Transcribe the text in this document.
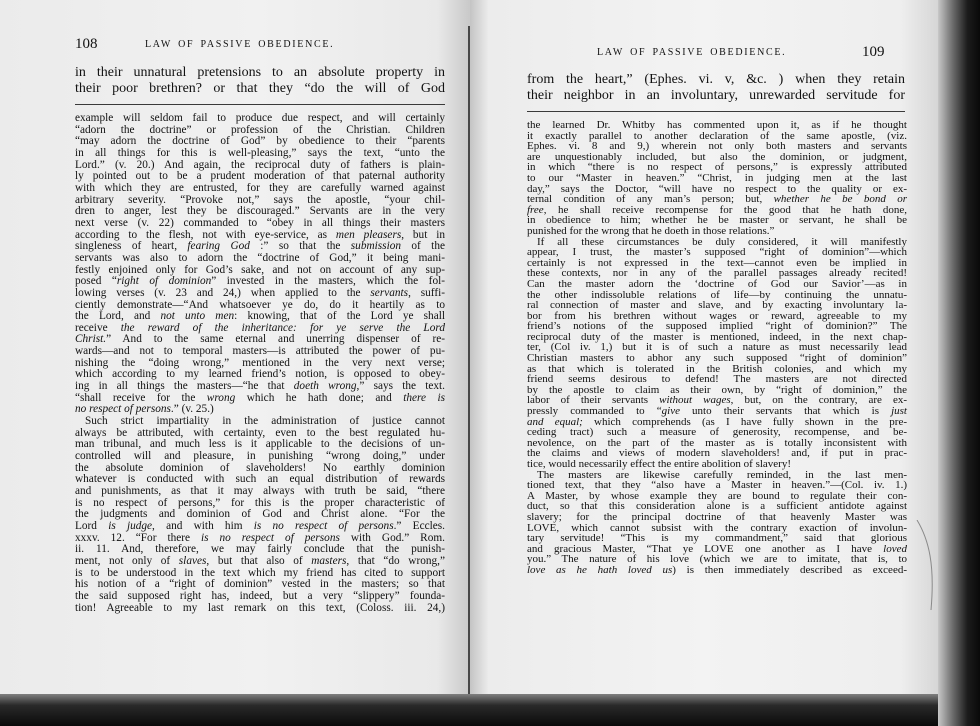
108	LAW OF PASSIVE OBEDIENCE.
in their unnatural pretensions to an absolute property in
their poor brethren? or that they “do the will of God
example will seldom fail to produce due respect, and will certainly
“adorn the doctrine” or profession of the Christian. Children
“may adorn the doctrine of God” by obedience to their “parents
in all things for this is well-pleasing,” says the text, “unto the
Lord.” (v. 20.) And again, the reciprocal duty of fathers is plain-
ly pointed out to be a prudent moderation of that paternal authority
with which they are entrusted, for they are carefully warned against
arbitrary severity. “Provoke not,” says the apostle, “your chil-
dren to anger, lest they be discouraged.” Servants are in the very
next verse (v. 22) commanded to “obey in all things their masters
according to the flesh, not with eye-service, as men pleasers, but in
singleness of heart, fearing God :” so that the submission of the
servants was also to adorn the “doctrine of God,” it being mani-
festly enjoined only for God’s sake, and not on account of any sup-
posed “right of dominion” invested in the masters, which the fol-
lowing verses (v. 23 and 24,) when applied to the servants, suffi-
ciently demonstrate—“And whatsoever ye do, do it heartily as to
the Lord, and not unto men: knowing, that of the Lord ye shall
receive the reward of the inheritance: for ye serve the Lord
Christ.” And to the same eternal and unerring dispenser of re-
wards—and not to temporal masters—is attributed the power of pu-
nishing the “doing wrong,” mentioned in the very next verse;
which according to my learned friend’s notion, is opposed to obey-
ing in all things the masters—“he that doeth wrong,” says the text.
“shall receive for the wrong which he hath done; and there is
no respect of persons.” (v. 25.)
Such strict impartiality in the administration of justice cannot
always be attributed, with certainty, even to the best regulated hu-
man tribunal, and much less is it applicable to the decisions of un-
controlled will and pleasure, in punishing “wrong doing,” under
the absolute dominion of slaveholders! No earthly dominion
whatever is conducted with such an equal distribution of rewards
and punishments, as that it may always with truth be said, “there
is no respect of persons,” for this is the proper characteristic of
the judgments and dominion of God and Christ alone. “For the
Lord is judge, and with him is no respect of persons.” Eccles.
xxxv. 12. “For there is no respect of persons with God.” Rom.
ii. 11. And, therefore, we may fairly conclude that the punish-
ment, not only of slaves, but that also of masters, that “do wrong,”
is to be understood in the text which my friend has cited to support
his notion of a “right of dominion” vested in the masters; so that
the said supposed right has, indeed, but a very “slippery” founda-
tion! Agreeable to my last remark on this text, (Coloss. iii. 24,)
LAW OF PASSIVE OBEDIENCE.	109
from the heart,” (Ephes. vi. v, &c. ) when they retain
their neighbor in an involuntary, unrewarded servitude for
the learned Dr. Whitby has commented upon it, as if he thought
it exactly parallel to another declaration of the same apostle, (viz.
Ephes. vi. 8 and 9,) wherein not only both masters and servants
are unquestionably included, but also the dominion, or judgment,
in which “there is no respect of persons,” is expressly attributed
to our “Master in heaven.” “Christ, in judging men at the last
day,” says the Doctor, “will have no respect to the quality or ex-
ternal condition of any man’s person; but, whether he be bond or
free, he shall receive recompense for the good that he hath done,
in obedience to him; whether he be master or servant, he shall be
punished for the wrong that he doeth in those relations.”
If all these circumstances be duly considered, it will manifestly
appear, I trust, the master’s supposed “right of dominion”—which
certainly is not expressed in the text—cannot even be implied in
these contexts, nor in any of the parallel passages already recited!
Can the master adorn the ‘doctrine of God our Savior’—as in
the other indissoluble relations of life—by continuing the unnatu-
ral connection of master and slave, and by exacting involuntary la-
bor from his brethren without wages or reward, agreeable to my
friend’s notions of the supposed implied “right of dominion?” The
reciprocal duty of the master is mentioned, indeed, in the next chap-
ter, (Col iv. 1,) but it is of such a nature as must necessarily lead
Christian masters to abhor any such supposed “right of dominion”
as that which is tolerated in the British colonies, and which my
friend seems desirous to defend! The masters are not directed
by the apostle to claim as their own, by “right of dominion,” the
labor of their servants without wages, but, on the contrary, are ex-
pressly commanded to “give unto their servants that which is just
and equal; which comprehends (as I have fully shown in the pre-
ceding tract) such a measure of generosity, recompense, and be-
nevolence, on the part of the master as is totally inconsistent with
the claims and views of modern slaveholders! and, if put in prac-
tice, would necessarily effect the entire abolition of slavery!
The masters are likewise carefully reminded, in the last men-
tioned text, that they “also have a Master in heaven.”—(Col. iv. 1.)
A Master, by whose example they are bound to regulate their con-
duct, so that this consideration alone is a sufficient antidote against
slavery; for the principal doctrine of that heavenly Master was
LOVE, which cannot subsist with the contrary exaction of involun-
tary servitude! “This is my commandment,” said that glorious
and gracious Master, “That ye LOVE one another as I have loved
you.” The nature of his love (which we are to imitate, that is, to
love as he hath loved us) is then immediately described as exceed-
